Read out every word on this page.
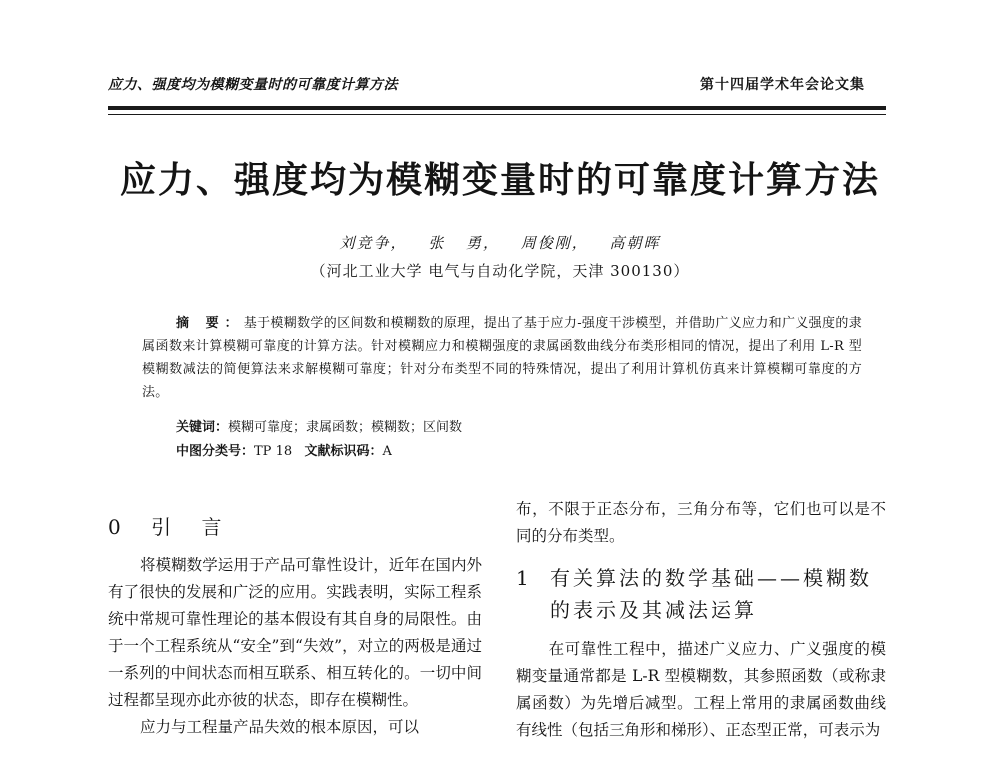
应力、强度均为模糊变量时的可靠度计算方法	第十四届学术年会论文集
应力、强度均为模糊变量时的可靠度计算方法
刘竞争， 张 勇， 周俊刚， 高朝晖
（河北工业大学 电气与自动化学院，天津 300130）
摘 要：基于模糊数学的区间数和模糊数的原理，提出了基于应力-强度干涉模型，并借助广义应力和广义强度的隶属函数来计算模糊可靠度的计算方法。针对模糊应力和模糊强度的隶属函数曲线分布类形相同的情况，提出了利用 L-R 型模糊数减法的简便算法来求解模糊可靠度；针对分布类型不同的特殊情况，提出了利用计算机仿真来计算模糊可靠度的方法。
关键词：模糊可靠度；隶属函数；模糊数；区间数
中图分类号：TP 18 文献标识码：A
0 引 言
将模糊数学运用于产品可靠性设计，近年在国内外有了很快的发展和广泛的应用。实践表明，实际工程系统中常规可靠性理论的基本假设有其自身的局限性。由于一个工程系统从“安全”到“失效”，对立的两极是通过一系列的中间状态而相互联系、相互转化的。一切中间过程都呈现亦此亦彼的状态，即存在模糊性。
应力与工程量产品失效的根本原因，可以
布，不限于正态分布，三角分布等，它们也可以是不同的分布类型。
1 有关算法的数学基础——模糊数
的表示及其减法运算
在可靠性工程中，描述广义应力、广义强度的模糊变量通常都是 L-R 型模糊数，其参照函数（或称隶属函数）为先增后减型。工程上常用的隶属函数曲线有线性（包括三角形和梯形）、正态型正常，可表示为
